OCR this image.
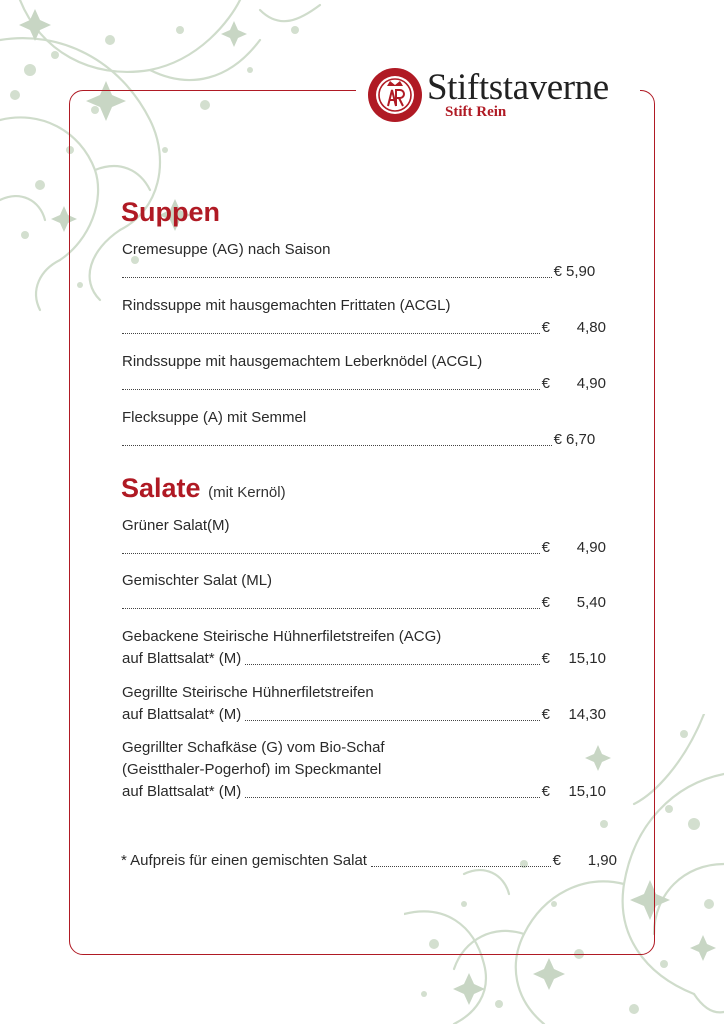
Stiftstaverne
Stift Rein
Suppen
Cremesuppe (AG) nach Saison
€ 5,90
Rindssuppe mit hausgemachten Frittaten (ACGL)
€	4,80
Rindssuppe mit hausgemachtem Leberknödel (ACGL)
€	4,90
Flecksuppe (A) mit Semmel
€ 6,70
Salate (mit Kernöl)
Grüner Salat(M)
€	4,90
Gemischter Salat (ML)
€	5,40
Gebackene Steirische Hühnerfiletstreifen (ACG)
auf Blattsalat* (M)	€	15,10
Gegrillte Steirische Hühnerfiletstreifen
auf Blattsalat* (M)	€	14,30
Gegrillter Schafkäse (G) vom Bio-Schaf
(Geistthaler-Pogerhof) im Speckmantel
auf Blattsalat* (M)	€	15,10
* Aufpreis für einen gemischten Salat	€	1,90
